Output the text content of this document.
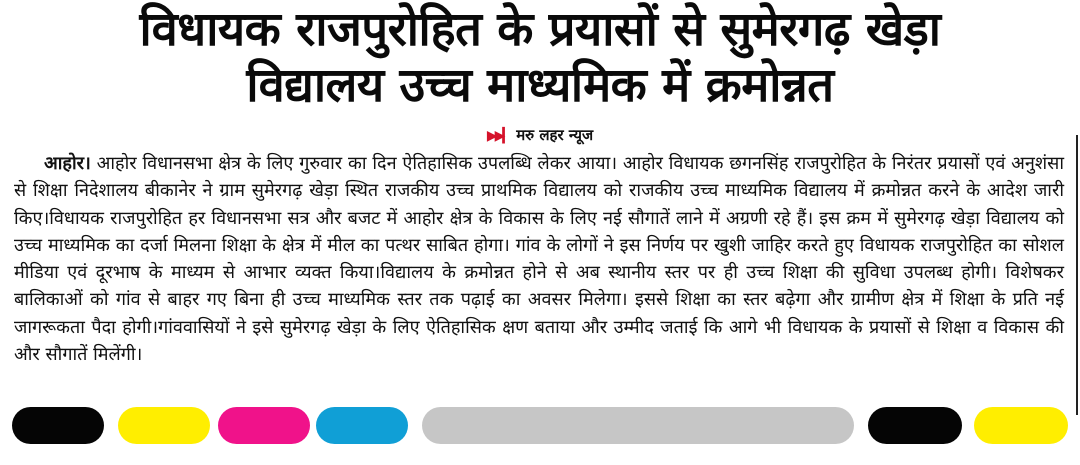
विधायक राजपुरोहित के प्रयासों से सुमेरगढ़ खेड़ा
विद्यालय उच्च माध्यमिक में क्रमोन्नत
▶▶▎ मरु लहर न्यूज
आहोर। आहोर विधानसभा क्षेत्र के लिए गुरुवार का दिन ऐतिहासिक उपलब्धि लेकर आया। आहोर विधायक छगनसिंह राजपुरोहित के निरंतर प्रयासों एवं अनुशंसा से शिक्षा निदेशालय बीकानेर ने ग्राम सुमेरगढ़ खेड़ा स्थित राजकीय उच्च प्राथमिक विद्यालय को राजकीय उच्च माध्यमिक विद्यालय में क्रमोन्नत करने के आदेश जारी किए।विधायक राजपुरोहित हर विधानसभा सत्र और बजट में आहोर क्षेत्र के विकास के लिए नई सौगातें लाने में अग्रणी रहे हैं। इस क्रम में सुमेरगढ़ खेड़ा विद्यालय को उच्च माध्यमिक का दर्जा मिलना शिक्षा के क्षेत्र में मील का पत्थर साबित होगा। गांव के लोगों ने इस निर्णय पर खुशी जाहिर करते हुए विधायक राजपुरोहित का सोशल मीडिया एवं दूरभाष के माध्यम से आभार व्यक्त किया।विद्यालय के क्रमोन्नत होने से अब स्थानीय स्तर पर ही उच्च शिक्षा की सुविधा उपलब्ध होगी। विशेषकर बालिकाओं को गांव से बाहर गए बिना ही उच्च माध्यमिक स्तर तक पढ़ाई का अवसर मिलेगा। इससे शिक्षा का स्तर बढ़ेगा और ग्रामीण क्षेत्र में शिक्षा के प्रति नई जागरूकता पैदा होगी।गांववासियों ने इसे सुमेरगढ़ खेड़ा के लिए ऐतिहासिक क्षण बताया और उम्मीद जताई कि आगे भी विधायक के प्रयासों से शिक्षा व विकास की और सौगातें मिलेंगी।
